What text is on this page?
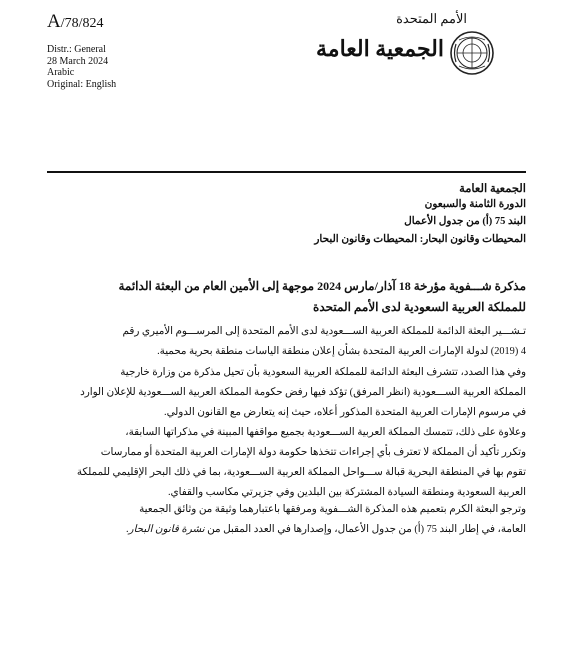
A/78/824	الأمم المتحدة
Distr.: General
28 March 2024
Arabic
Original: English
الجمعية العامة
الجمعية العامة
الدورة الثامنة والسبعون
البند 75 (أ) من جدول الأعمال
المحيطات وقانون البحار: المحيطات وقانون البحار
مذكرة شـــفوية مؤرخة 18 آذار/مارس 2024 موجهة إلى الأمين العام من البعثة الدائمة
للمملكة العربية السعودية لدى الأمم المتحدة
تـشـــير البعثة الدائمة للمملكة العربية الســـعودية لدى الأمم المتحدة إلى المرســـوم الأميري رقم
4 (2019) لدولة الإمارات العربية المتحدة بشأن إعلان منطقة الياسات منطقة بحرية محمية.
وفي هذا الصدد، تتشرف البعثة الدائمة للمملكة العربية السعودية بأن تحيل مذكرة من وزارة خارجية
المملكة العربية الســـعودية (انظر المرفق) تؤكد فيها رفض حكومة المملكة العربية الســـعودية للإعلان الوارد
في مرسوم الإمارات العربية المتحدة المذكور أعلاه، حيث إنه يتعارض مع القانون الدولي.
وعلاوة على ذلك، تتمسك المملكة العربية الســـعودية بجميع مواقفها المبينة في مذكراتها السابقة،
وتكرر تأكيد أن المملكة لا تعترف بأي إجراءات تتخذها حكومة دولة الإمارات العربية المتحدة أو ممارسات
تقوم بها في المنطقة البحرية قبالة ســـواحل المملكة العربية الســـعودية، بما في ذلك البحر الإقليمي للمملكة
العربية السعودية ومنطقة السيادة المشتركة بين البلدين وفي جزيرتي مكاسب والقفاي.
وترجو البعثة الكرم بتعميم هذه المذكرة الشـــفوية ومرفقها باعتبارهما وثيقة من وثائق الجمعية
العامة، في إطار البند 75 (أ) من جدول الأعمال، وإصدارها في العدد المقبل من نشرة قانون البحار.
